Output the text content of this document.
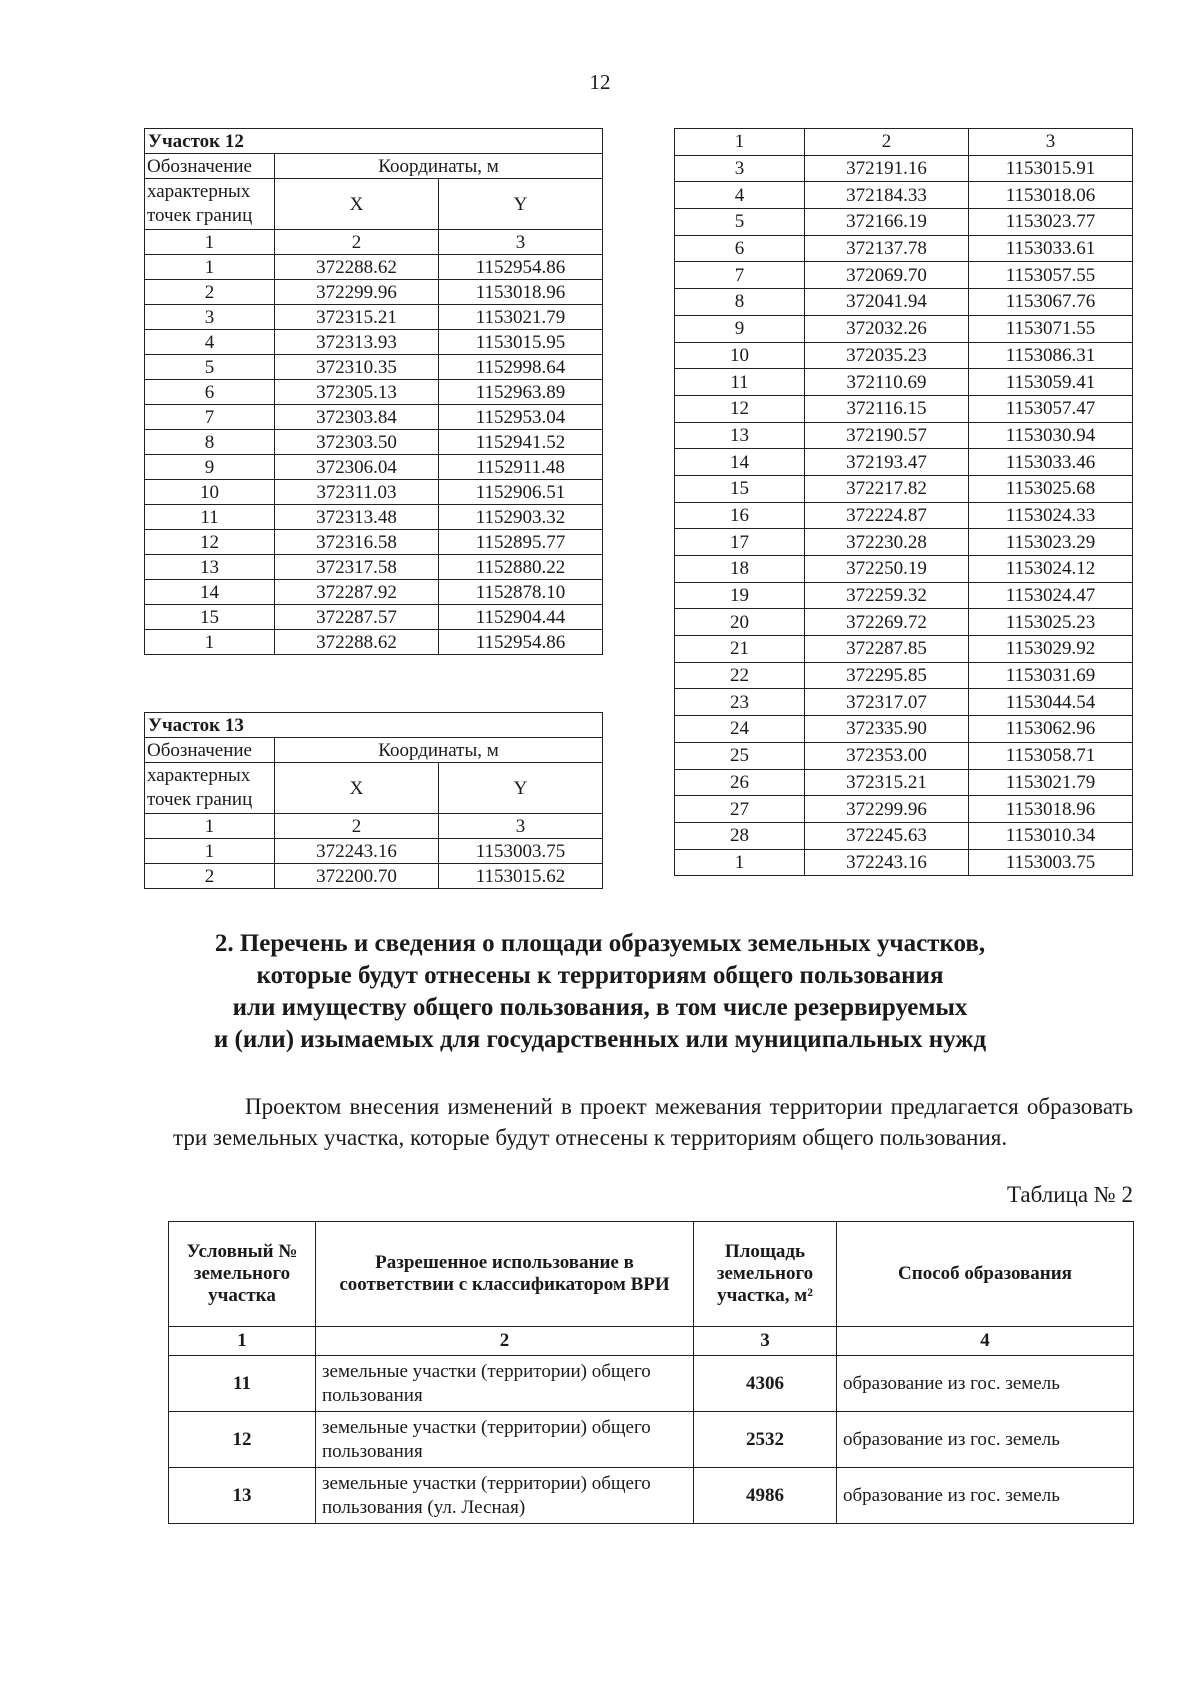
12
Участок 12		
Обозначение	Координаты, м	
характерных
точек границ	X	Y
1	2	3
1	372288.62	1152954.86
2	372299.96	1153018.96
3	372315.21	1153021.79
4	372313.93	1153015.95
5	372310.35	1152998.64
6	372305.13	1152963.89
7	372303.84	1152953.04
8	372303.50	1152941.52
9	372306.04	1152911.48
10	372311.03	1152906.51
11	372313.48	1152903.32
12	372316.58	1152895.77
13	372317.58	1152880.22
14	372287.92	1152878.10
15	372287.57	1152904.44
1	372288.62	1152954.86
Участок 13		
Обозначение	Координаты, м	
характерных
точек границ	X	Y
1	2	3
1	372243.16	1153003.75
2	372200.70	1153015.62
1	2	3
3	372191.16	1153015.91
4	372184.33	1153018.06
5	372166.19	1153023.77
6	372137.78	1153033.61
7	372069.70	1153057.55
8	372041.94	1153067.76
9	372032.26	1153071.55
10	372035.23	1153086.31
11	372110.69	1153059.41
12	372116.15	1153057.47
13	372190.57	1153030.94
14	372193.47	1153033.46
15	372217.82	1153025.68
16	372224.87	1153024.33
17	372230.28	1153023.29
18	372250.19	1153024.12
19	372259.32	1153024.47
20	372269.72	1153025.23
21	372287.85	1153029.92
22	372295.85	1153031.69
23	372317.07	1153044.54
24	372335.90	1153062.96
25	372353.00	1153058.71
26	372315.21	1153021.79
27	372299.96	1153018.96
28	372245.63	1153010.34
1	372243.16	1153003.75
2. Перечень и сведения о площади образуемых земельных участков,
которые будут отнесены к территориям общего пользования
или имуществу общего пользования, в том числе резервируемых
и (или) изымаемых для государственных или муниципальных нужд

Проектом внесения изменений в проект межевания территории предлагается образовать три земельных участка, которые будут отнесены к территориям общего пользования.

Таблица № 2
Условный № земельного участка	Разрешенное использование в соответствии с классификатором ВРИ	Площадь земельного участка, м²	Способ образования
1	2	3	4
11	земельные участки (территории) общего пользования	4306	образование из гос. земель
12	земельные участки (территории) общего пользования	2532	образование из гос. земель
13	земельные участки (территории) общего пользования (ул. Лесная)	4986	образование из гос. земель
